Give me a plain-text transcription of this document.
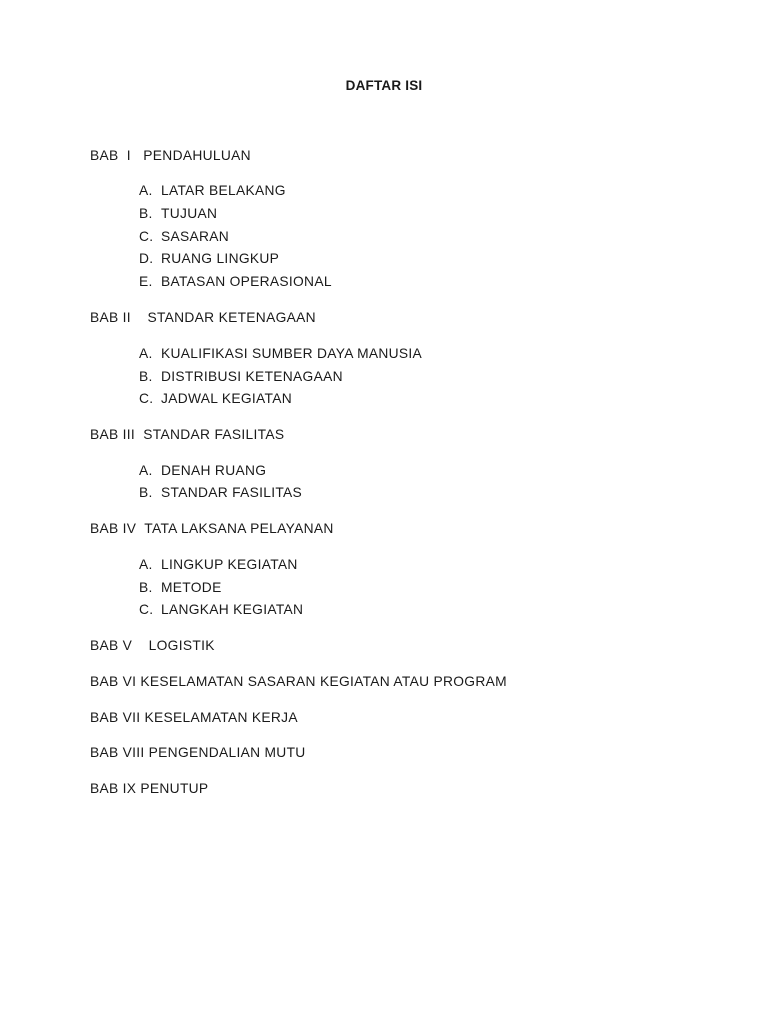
DAFTAR ISI
BAB  I   PENDAHULUAN
A. LATAR BELAKANG
B. TUJUAN
C. SASARAN
D. RUANG LINGKUP
E. BATASAN OPERASIONAL
BAB II    STANDAR KETENAGAAN
A. KUALIFIKASI SUMBER DAYA MANUSIA
B. DISTRIBUSI KETENAGAAN
C. JADWAL KEGIATAN
BAB III  STANDAR FASILITAS
A. DENAH RUANG
B. STANDAR FASILITAS
BAB IV  TATA LAKSANA PELAYANAN
A. LINGKUP KEGIATAN
B. METODE
C. LANGKAH KEGIATAN
BAB V    LOGISTIK
BAB VI KESELAMATAN SASARAN KEGIATAN ATAU PROGRAM
BAB VII KESELAMATAN KERJA
BAB VIII PENGENDALIAN MUTU
BAB IX PENUTUP
